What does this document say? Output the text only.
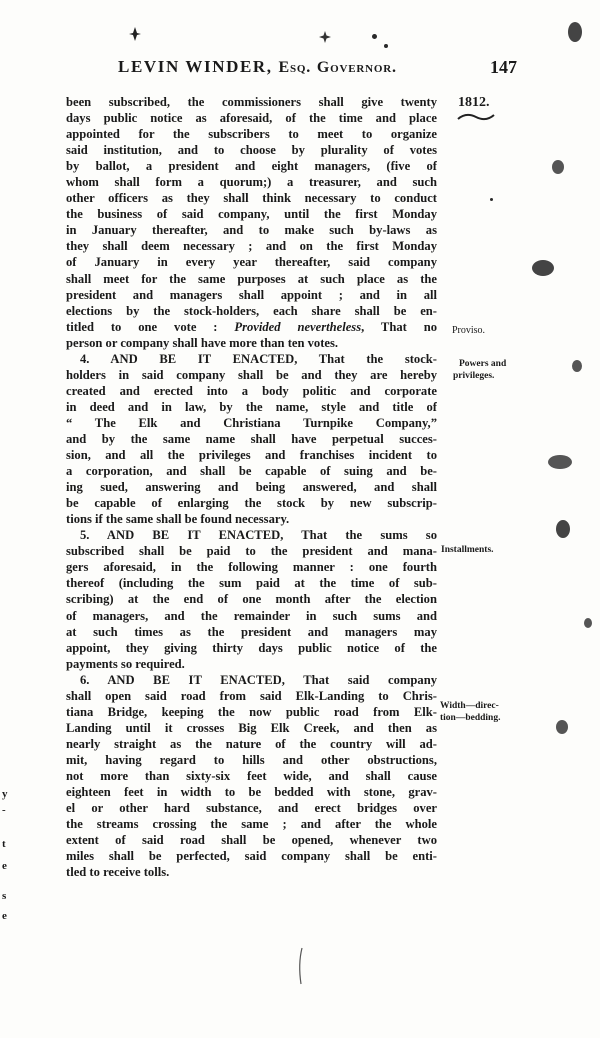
LEVIN WINDER, Esq. Governor.	147
1812.
been subscribed, the commissioners shall give twenty
days public notice as aforesaid, of the time and place
appointed for the subscribers to meet to organize
said institution, and to choose by plurality of votes
by ballot, a president and eight managers, (five of
whom shall form a quorum;) a treasurer, and such
other officers as they shall think necessary to conduct
the business of said company, until the first Monday
in January thereafter, and to make such by-laws as
they shall deem necessary ; and on the first Monday
of January in every year thereafter, said company
shall meet for the same purposes at such place as the
president and managers shall appoint ; and in all
elections by the stock-holders, each share shall be en-
titled to one vote : Provided nevertheless, That no
person or company shall have more than ten votes.
4. AND BE IT ENACTED, That the stock-
holders in said company shall be and they are hereby
created and erected into a body politic and corporate
in deed and in law, by the name, style and title of
“ The Elk and Christiana Turnpike Company,”
and by the same name shall have perpetual succes-
sion, and all the privileges and franchises incident to
a corporation, and shall be capable of suing and be-
ing sued, answering and being answered, and shall
be capable of enlarging the stock by new subscrip-
tions if the same shall be found necessary.
5. AND BE IT ENACTED, That the sums so
subscribed shall be paid to the president and mana-
gers aforesaid, in the following manner : one fourth
thereof (including the sum paid at the time of sub-
scribing) at the end of one month after the election
of managers, and the remainder in such sums and
at such times as the president and managers may
appoint, they giving thirty days public notice of the
payments so required.
6. AND BE IT ENACTED, That said company
shall open said road from said Elk-Landing to Chris-
tiana Bridge, keeping the now public road from Elk-
Landing until it crosses Big Elk Creek, and then as
nearly straight as the nature of the country will ad-
mit, having regard to hills and other obstructions,
not more than sixty-six feet wide, and shall cause
eighteen feet in width to be bedded with stone, grav-
el or other hard substance, and erect bridges over
the streams crossing the same ; and after the whole
extent of said road shall be opened, whenever two
miles shall be perfected, said company shall be enti-
tled to receive tolls.
Proviso.
Powers and
privileges.
Installments.
Width—direc-
tion—bedding.
y
-
t
e
s
e
